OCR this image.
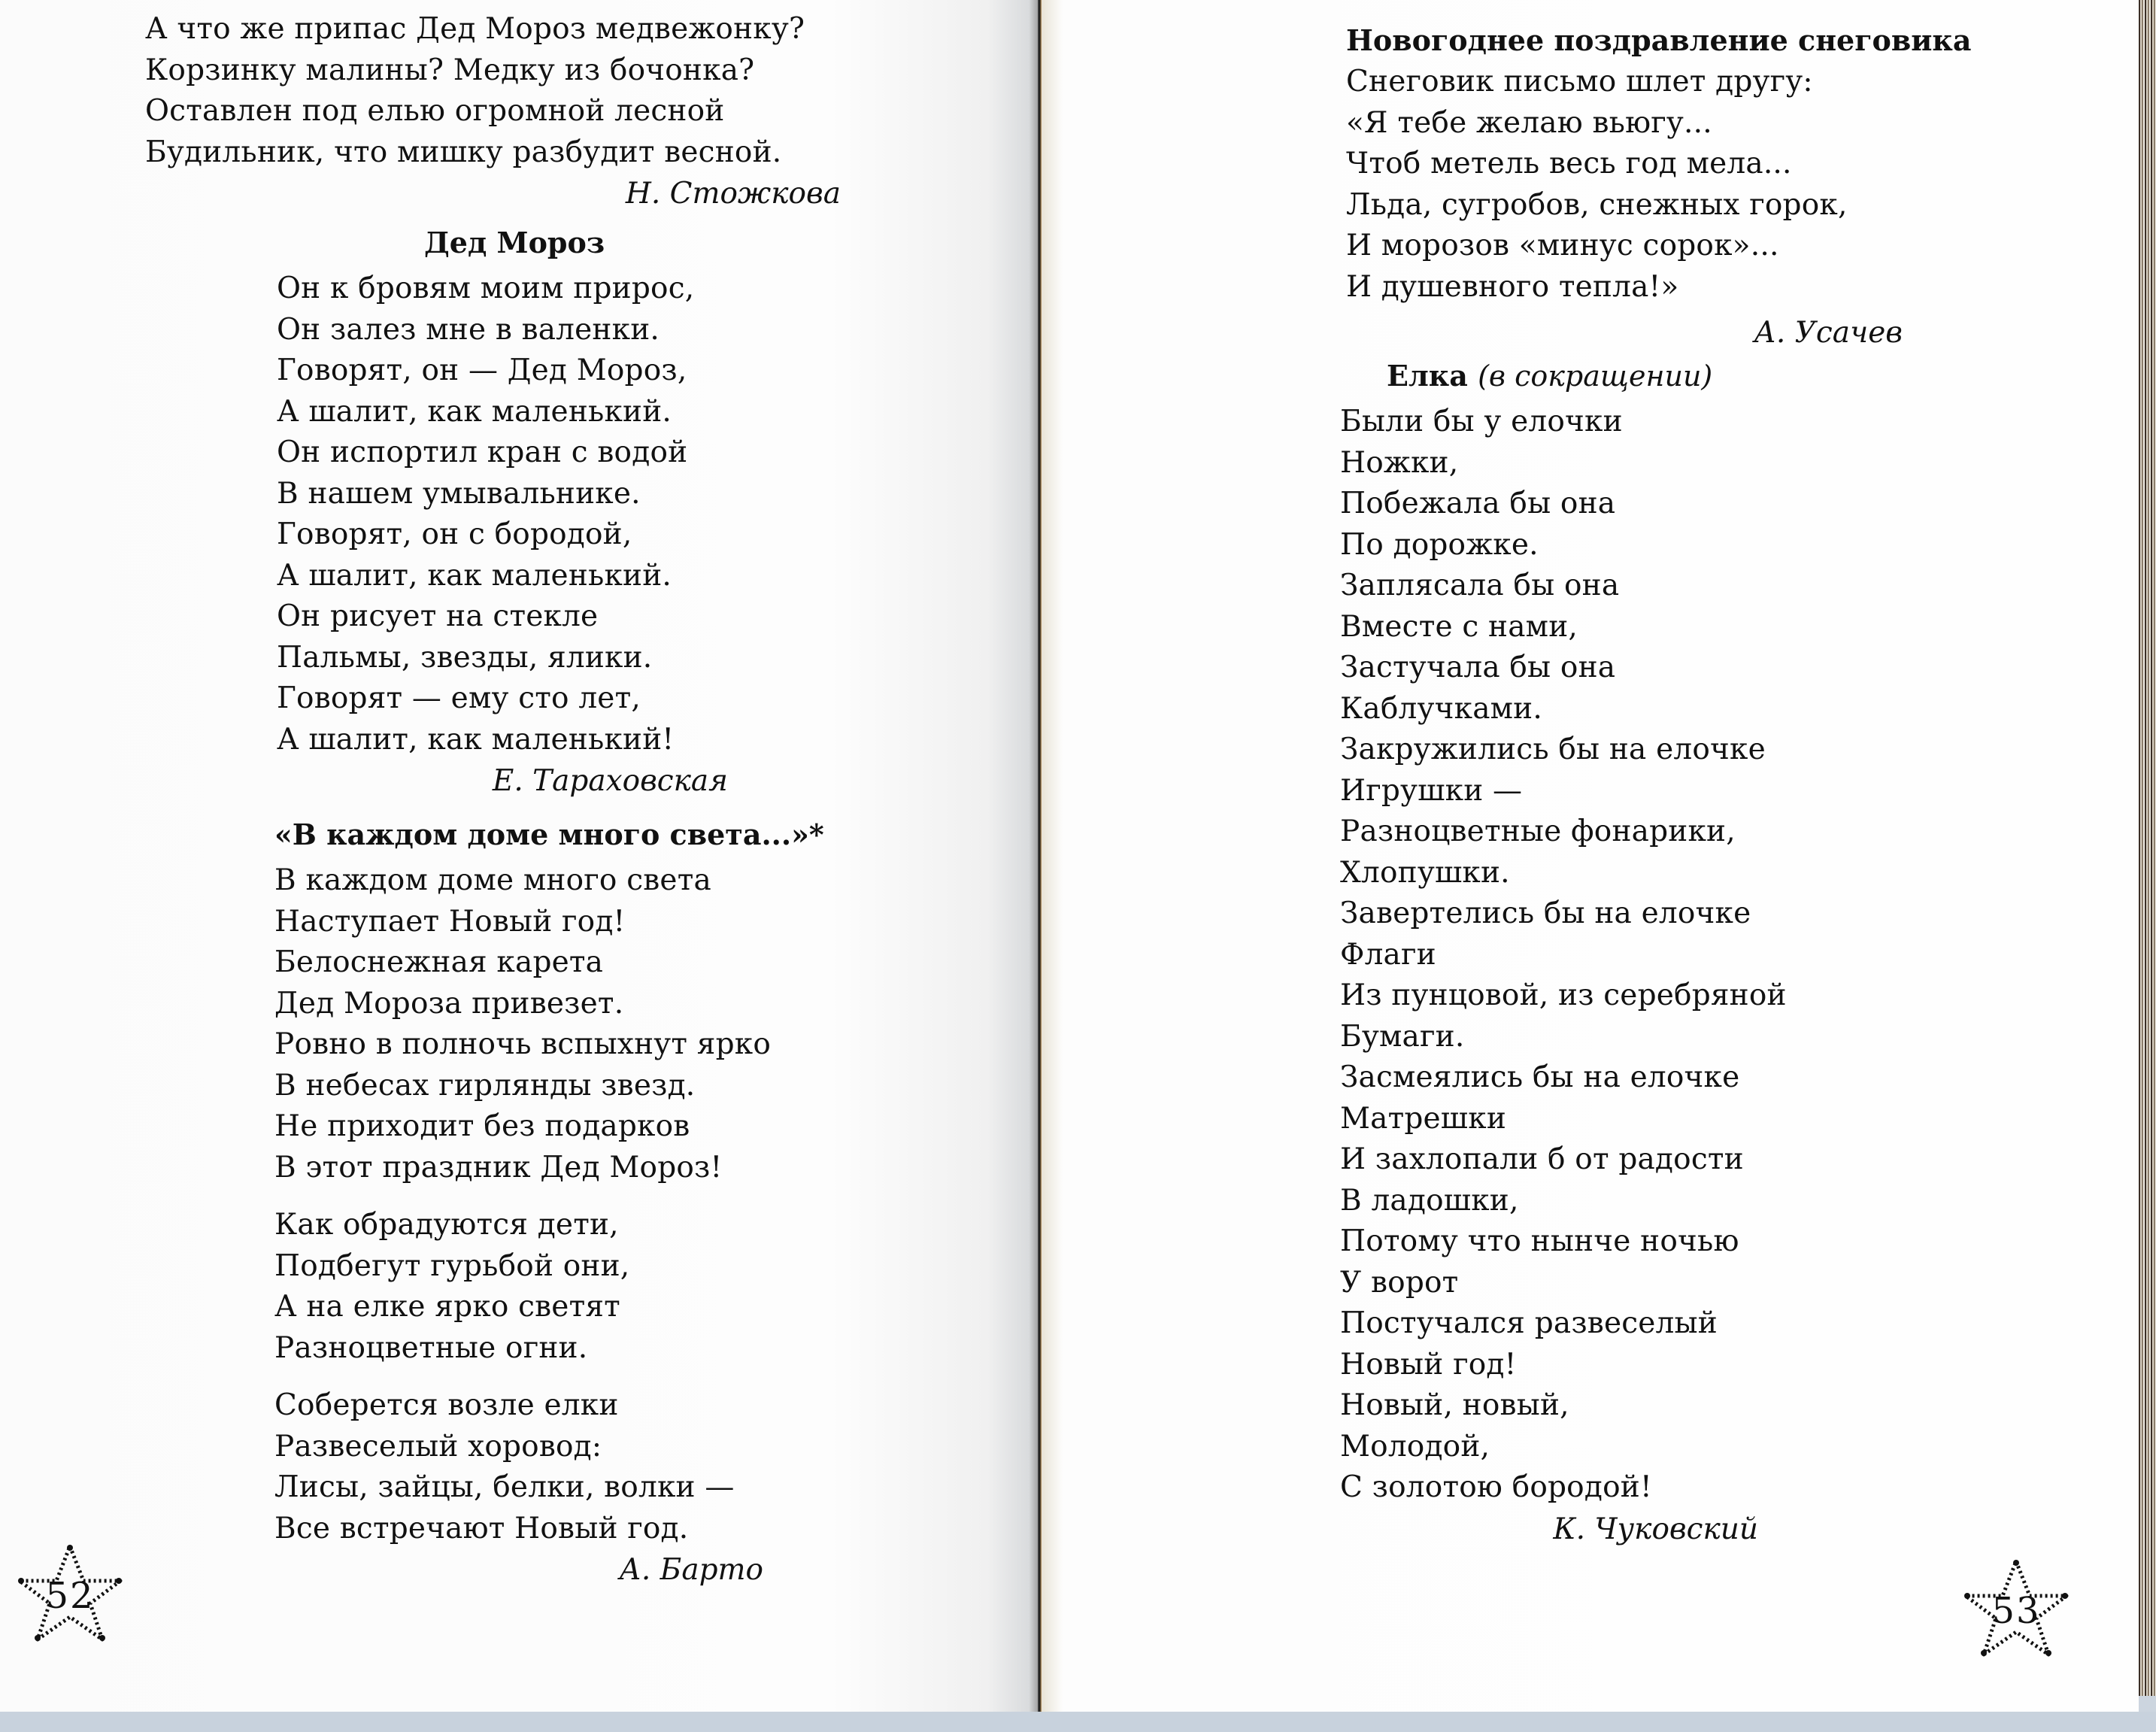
А что же припас Дед Мороз медвежонку?
Корзинку малины? Медку из бочонка?
Оставлен под елью огромной лесной
Будильник, что мишку разбудит весной.
Н. Стожкова
Дед Мороз
Он к бровям моим прирос,
Он залез мне в валенки.
Говорят, он — Дед Мороз,
А шалит, как маленький.
Он испортил кран с водой
В нашем умывальнике.
Говорят, он с бородой,
А шалит, как маленький.
Он рисует на стекле
Пальмы, звезды, ялики.
Говорят — ему сто лет,
А шалит, как маленький!
Е. Тараховская
«В каждом доме много света...»*
В каждом доме много света
Наступает Новый год!
Белоснежная карета
Дед Мороза привезет.
Ровно в полночь вспыхнут ярко
В небесах гирлянды звезд.
Не приходит без подарков
В этот праздник Дед Мороз!
Как обрадуются дети,
Подбегут гурьбой они,
А на елке ярко светят
Разноцветные огни.
Соберется возле елки
Развеселый хоровод:
Лисы, зайцы, белки, волки —
Все встречают Новый год.
А. Барто
52
Новогоднее поздравление снеговика
Снеговик письмо шлет другу:
«Я тебе желаю вьюгу...
Чтоб метель весь год мела...
Льда, сугробов, снежных горок,
И морозов «минус сорок»...
И душевного тепла!»
А. Усачев
Елка (в сокращении)
Были бы у елочки
Ножки,
Побежала бы она
По дорожке.
Заплясала бы она
Вместе с нами,
Застучала бы она
Каблучками.
Закружились бы на елочке
Игрушки —
Разноцветные фонарики,
Хлопушки.
Завертелись бы на елочке
Флаги
Из пунцовой, из серебряной
Бумаги.
Засмеялись бы на елочке
Матрешки
И захлопали б от радости
В ладошки,
Потому что нынче ночью
У ворот
Постучался развеселый
Новый год!
Новый, новый,
Молодой,
С золотою бородой!
К. Чуковский
53
